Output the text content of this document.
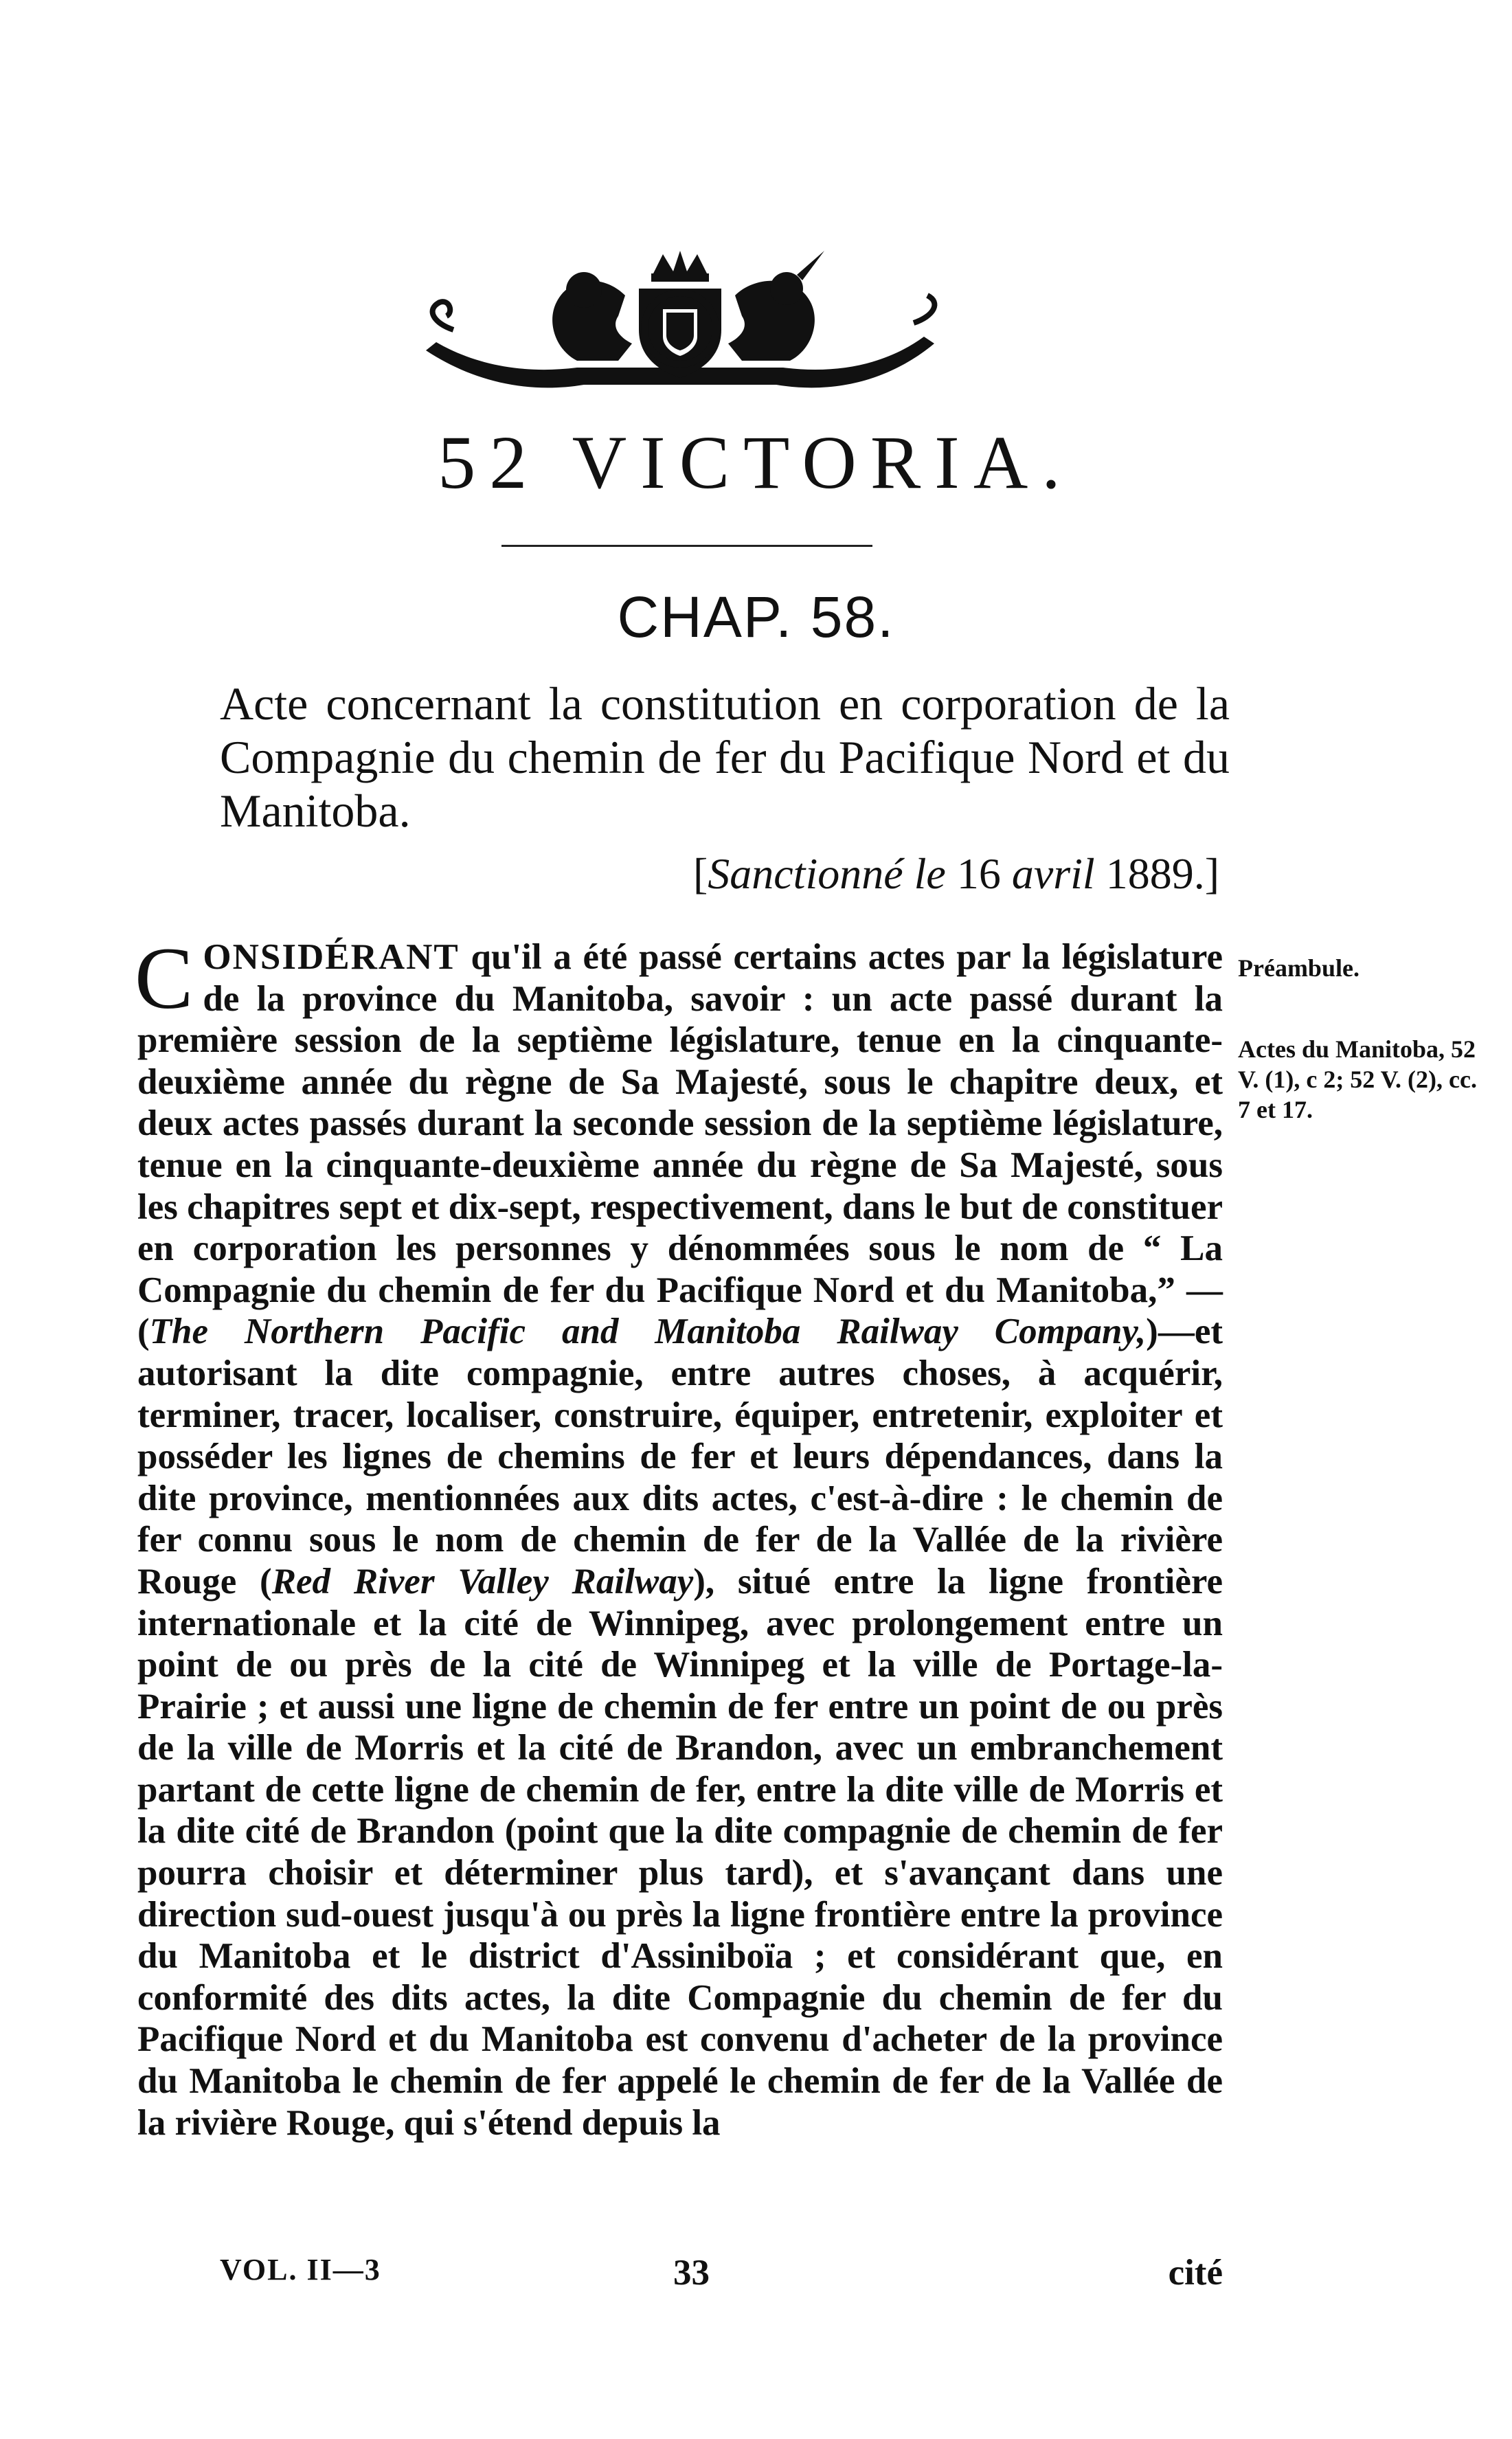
52 VICTORIA.
CHAP. 58.
Acte concernant la constitution en corporation de la Compagnie du chemin de fer du Pacifique Nord et du Manitoba.
[Sanctionné le 16 avril 1889.]
Préambule.
Actes du Manitoba, 52 V. (1), c 2; 52 V. (2), cc. 7 et 17.

CONSIDÉRANT qu'il a été passé certains actes par la législature de la province du Manitoba, savoir : un acte passé durant la première session de la septième législature, tenue en la cinquante-deuxième année du règne de Sa Majesté, sous le chapitre deux, et deux actes passés durant la seconde session de la septième législature, tenue en la cinquante-deuxième année du règne de Sa Majesté, sous les chapitres sept et dix-sept, respectivement, dans le but de constituer en corporation les personnes y dénommées sous le nom de “ La Compagnie du chemin de fer du Pacifique Nord et du Manitoba,” — (The Northern Pacific and Manitoba Railway Company,)—et autorisant la dite compagnie, entre autres choses, à acquérir, terminer, tracer, localiser, construire, équiper, entretenir, exploiter et posséder les lignes de chemins de fer et leurs dépendances, dans la dite province, mentionnées aux dits actes, c'est-à-dire : le chemin de fer connu sous le nom de chemin de fer de la Vallée de la rivière Rouge (Red River Valley Railway), situé entre la ligne frontière internationale et la cité de Winnipeg, avec prolongement entre un point de ou près de la cité de Winnipeg et la ville de Portage-la-Prairie ; et aussi une ligne de chemin de fer entre un point de ou près de la ville de Morris et la cité de Brandon, avec un embranchement partant de cette ligne de chemin de fer, entre la dite ville de Morris et la dite cité de Brandon (point que la dite compagnie de chemin de fer pourra choisir et déterminer plus tard), et s'avançant dans une direction sud-ouest jusqu'à ou près la ligne frontière entre la province du Manitoba et le district d'Assiniboïa ; et considérant que, en conformité des dits actes, la dite Compagnie du chemin de fer du Pacifique Nord et du Manitoba est convenu d'acheter de la province du Manitoba le chemin de fer appelé le chemin de fer de la Vallée de la rivière Rouge, qui s'étend depuis la

VOL. II—3	33	cité
